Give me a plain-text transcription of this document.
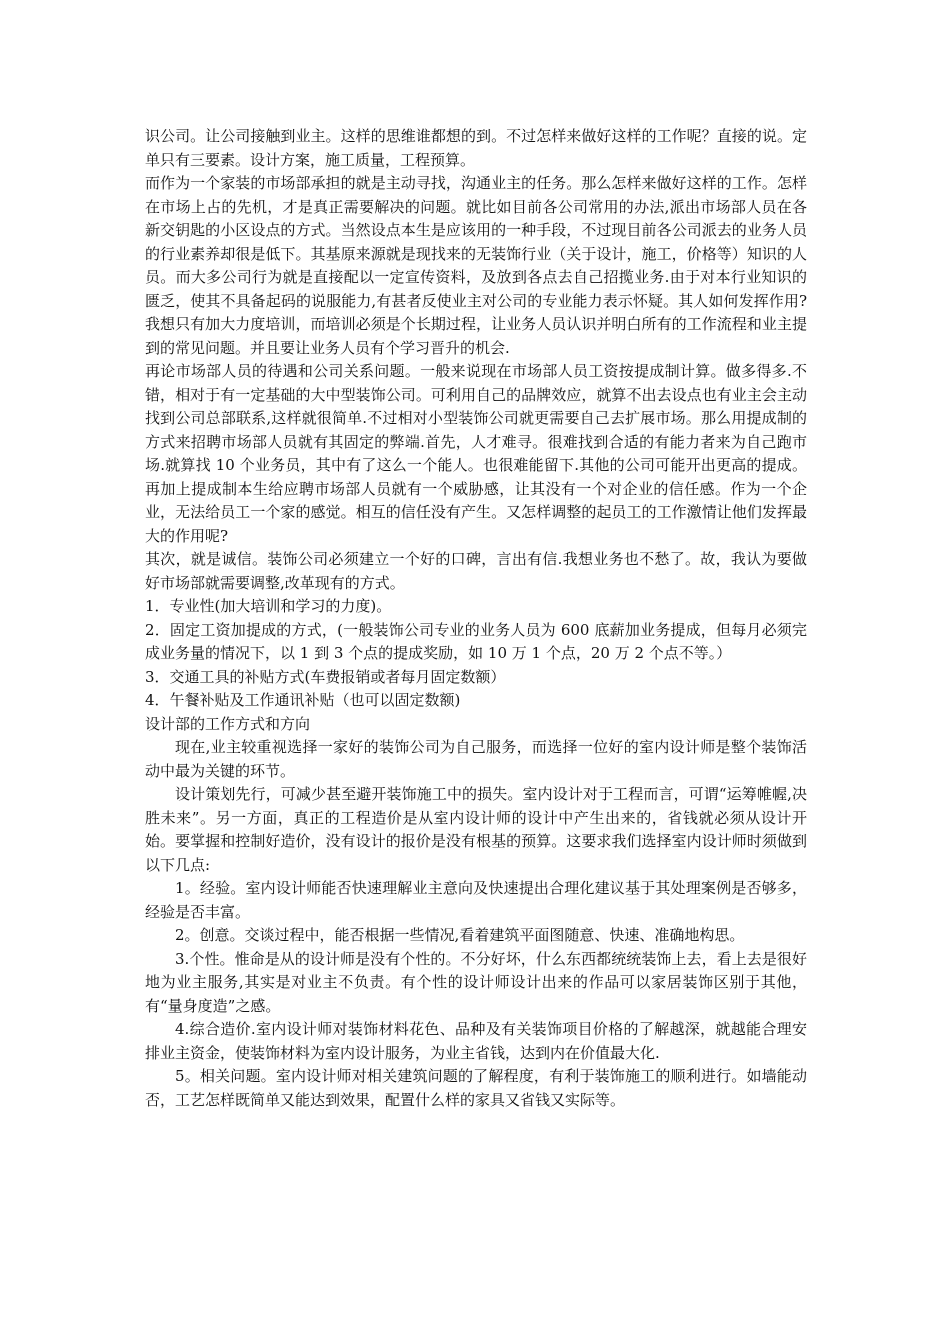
识公司。让公司接触到业主。这样的思维谁都想的到。不过怎样来做好这样的工作呢？直接的说。定单只有三要素。设计方案，施工质量，工程预算。

而作为一个家装的市场部承担的就是主动寻找，沟通业主的任务。那么怎样来做好这样的工作。怎样在市场上占的先机，才是真正需要解决的问题。就比如目前各公司常用的办法,派出市场部人员在各新交钥匙的小区设点的方式。当然设点本生是应该用的一种手段，不过现目前各公司派去的业务人员的行业素养却很是低下。其基原来源就是现找来的无装饰行业（关于设计，施工，价格等）知识的人员。而大多公司行为就是直接配以一定宣传资料，及放到各点去自己招揽业务.由于对本行业知识的匮乏，使其不具备起码的说服能力,有甚者反使业主对公司的专业能力表示怀疑。其人如何发挥作用?我想只有加大力度培训，而培训必须是个长期过程，让业务人员认识并明白所有的工作流程和业主提到的常见问题。并且要让业务人员有个学习晋升的机会.

再论市场部人员的待遇和公司关系问题。一般来说现在市场部人员工资按提成制计算。做多得多.不错，相对于有一定基础的大中型装饰公司。可利用自己的品牌效应，就算不出去设点也有业主会主动找到公司总部联系,这样就很简单.不过相对小型装饰公司就更需要自己去扩展市场。那么用提成制的方式来招聘市场部人员就有其固定的弊端.首先，人才难寻。很难找到合适的有能力者来为自己跑市场.就算找 10 个业务员，其中有了这么一个能人。也很难能留下.其他的公司可能开出更高的提成。再加上提成制本生给应聘市场部人员就有一个威胁感，让其没有一个对企业的信任感。作为一个企业，无法给员工一个家的感觉。相互的信任没有产生。又怎样调整的起员工的工作激情让他们发挥最大的作用呢?

其次，就是诚信。装饰公司必须建立一个好的口碑，言出有信.我想业务也不愁了。故，我认为要做好市场部就需要调整,改革现有的方式。

1．专业性(加大培训和学习的力度)。

2．固定工资加提成的方式，(一般装饰公司专业的业务人员为 600 底薪加业务提成，但每月必须完成业务量的情况下，以 1 到 3 个点的提成奖励，如 10 万 1 个点，20 万 2 个点不等。）

3．交通工具的补贴方式(车费报销或者每月固定数额）

4．午餐补贴及工作通讯补贴（也可以固定数额)

设计部的工作方式和方向

现在,业主较重视选择一家好的装饰公司为自己服务，而选择一位好的室内设计师是整个装饰活动中最为关键的环节。

设计策划先行，可减少甚至避开装饰施工中的损失。室内设计对于工程而言，可谓“运筹帷幄,决胜未来”。另一方面，真正的工程造价是从室内设计师的设计中产生出来的，省钱就必须从设计开始。要掌握和控制好造价，没有设计的报价是没有根基的预算。这要求我们选择室内设计师时须做到以下几点:

1。经验。室内设计师能否快速理解业主意向及快速提出合理化建议基于其处理案例是否够多，经验是否丰富。

2。创意。交谈过程中，能否根据一些情况,看着建筑平面图随意、快速、准确地构思。

3.个性。惟命是从的设计师是没有个性的。不分好坏，什么东西都统统装饰上去，看上去是很好地为业主服务,其实是对业主不负责。有个性的设计师设计出来的作品可以家居装饰区别于其他，有“量身度造”之感。

4.综合造价.室内设计师对装饰材料花色、品种及有关装饰项目价格的了解越深，就越能合理安排业主资金，使装饰材料为室内设计服务，为业主省钱，达到内在价值最大化.

5。相关问题。室内设计师对相关建筑问题的了解程度，有利于装饰施工的顺利进行。如墙能动否，工艺怎样既简单又能达到效果，配置什么样的家具又省钱又实际等。
